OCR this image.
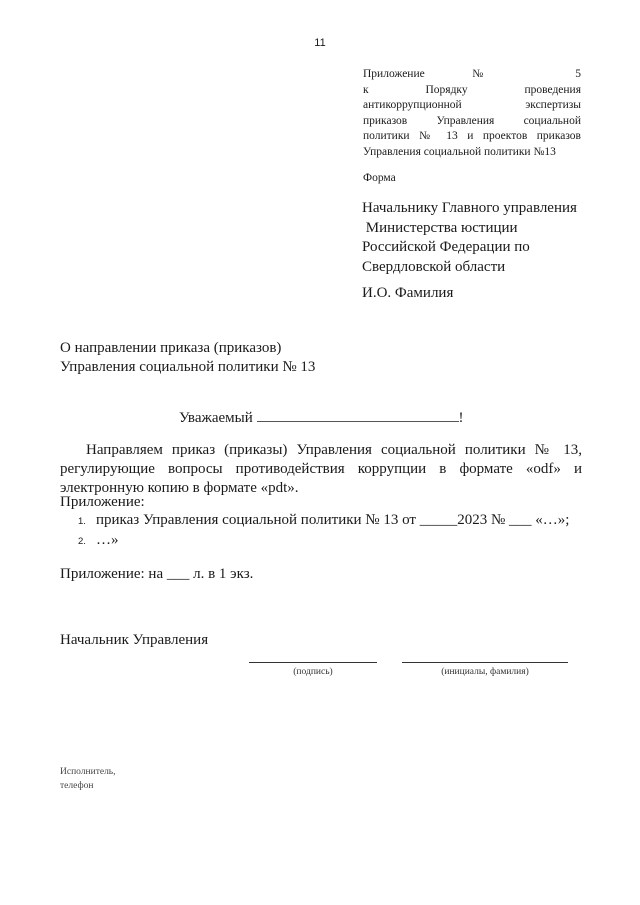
11
Приложение № 5
к Порядку проведения
антикоррупционной экспертизы
приказов Управления социальной
политики № 13 и проектов приказов
Управления социальной политики №13
Форма
Начальнику Главного управления
Министерства юстиции
Российской Федерации по
Свердловской области
И.О. Фамилия
О направлении приказа (приказов)
Управления социальной политики № 13
Уважаемый	!
Направляем приказ (приказы) Управления социальной политики № 13, регулирующие вопросы противодействия коррупции в формате «odf» и электронную копию в формате «pdt».
Приложение:
1. приказ Управления социальной политики № 13 от _____2023 № ___ «…»;
2. …»
Приложение: на ___ л. в 1 экз.
Начальник Управления
(подпись)	(инициалы, фамилия)
Исполнитель,
телефон
